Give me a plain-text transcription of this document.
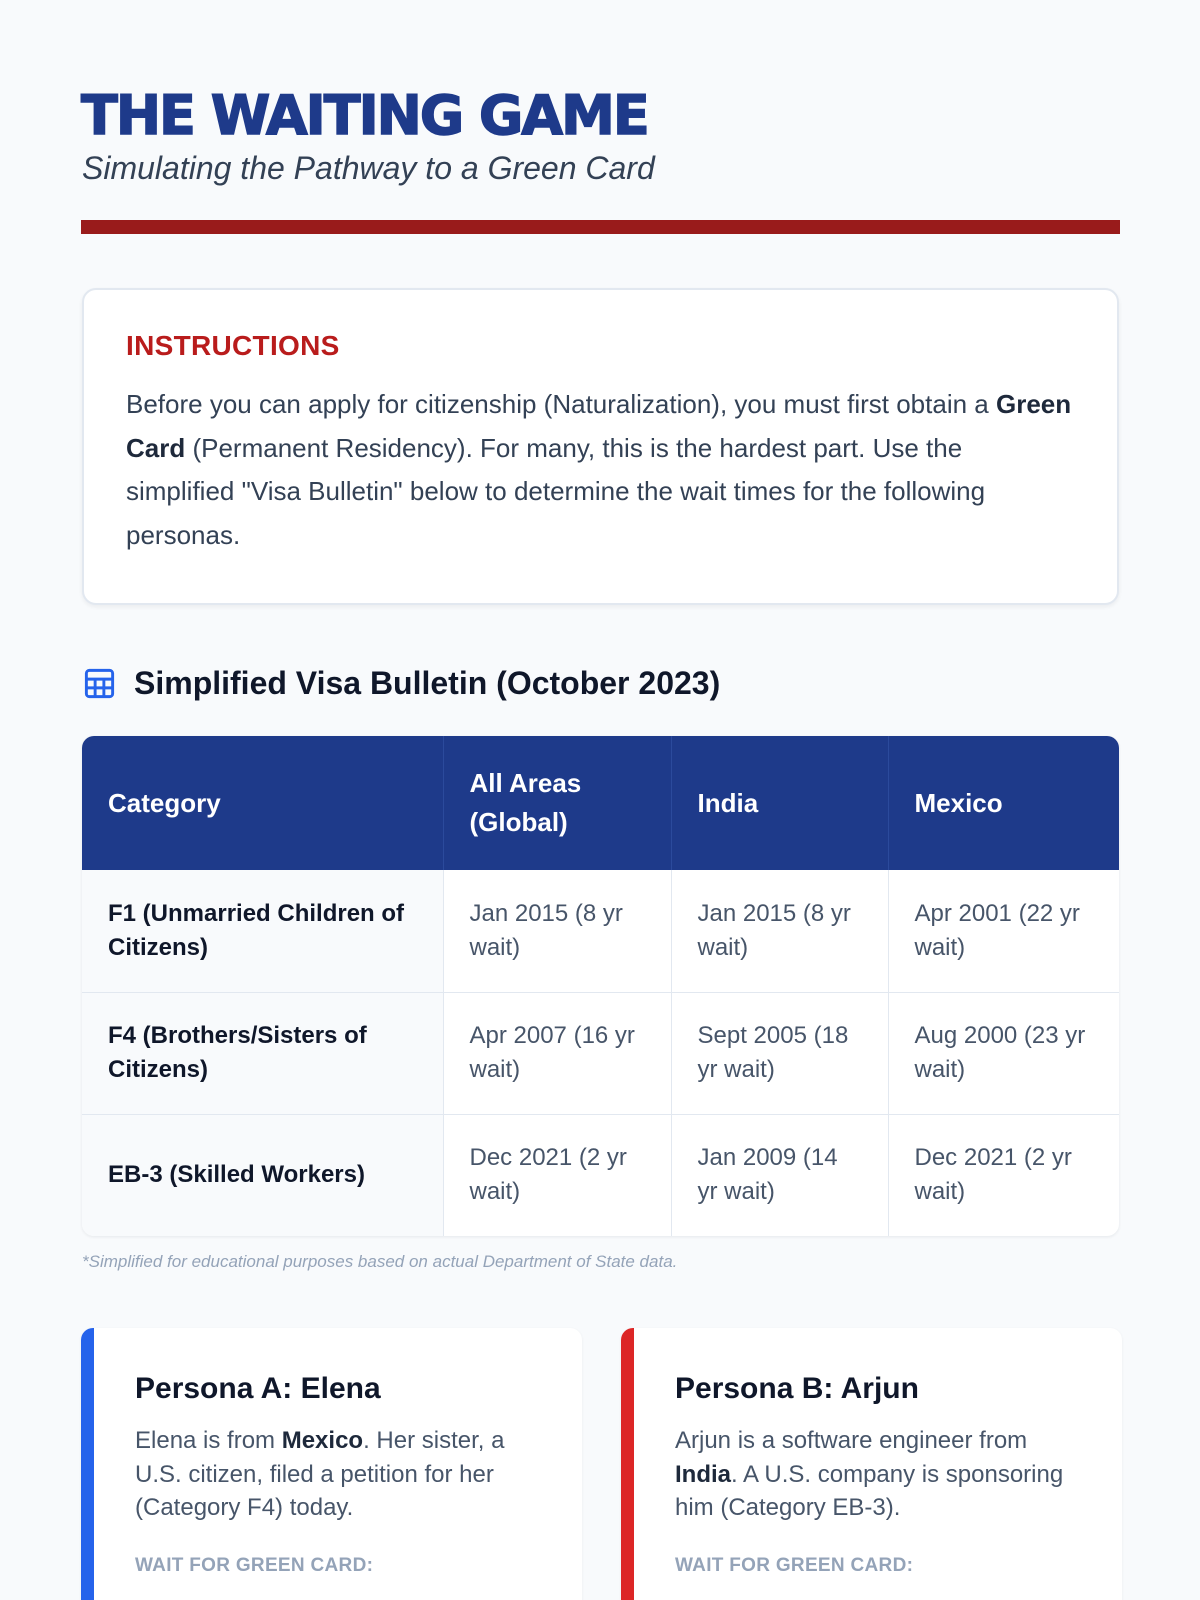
THE WAITING GAME
Simulating the Pathway to a Green Card
INSTRUCTIONS

Before you can apply for citizenship (Naturalization), you must first obtain a Green Card (Permanent Residency). For many, this is the hardest part. Use the simplified "Visa Bulletin" below to determine the wait times for the following personas.

Simplified Visa Bulletin (October 2023)
Category	All Areas (Global)	India	Mexico
F1 (Unmarried Children of Citizens)	Jan 2015 (8 yr wait)	Jan 2015 (8 yr wait)	Apr 2001 (22 yr wait)
F4 (Brothers/Sisters of Citizens)	Apr 2007 (16 yr wait)	Sept 2005 (18 yr wait)	Aug 2000 (23 yr wait)
EB-3 (Skilled Workers)	Dec 2021 (2 yr wait)	Jan 2009 (14 yr wait)	Dec 2021 (2 yr wait)
*Simplified for educational purposes based on actual Department of State data.
Persona A: Elena

Elena is from Mexico. Her sister, a U.S. citizen, filed a petition for her (Category F4) today.

WAIT FOR GREEN CARD:
Persona B: Arjun

Arjun is a software engineer from India. A U.S. company is sponsoring him (Category EB-3).

WAIT FOR GREEN CARD:
